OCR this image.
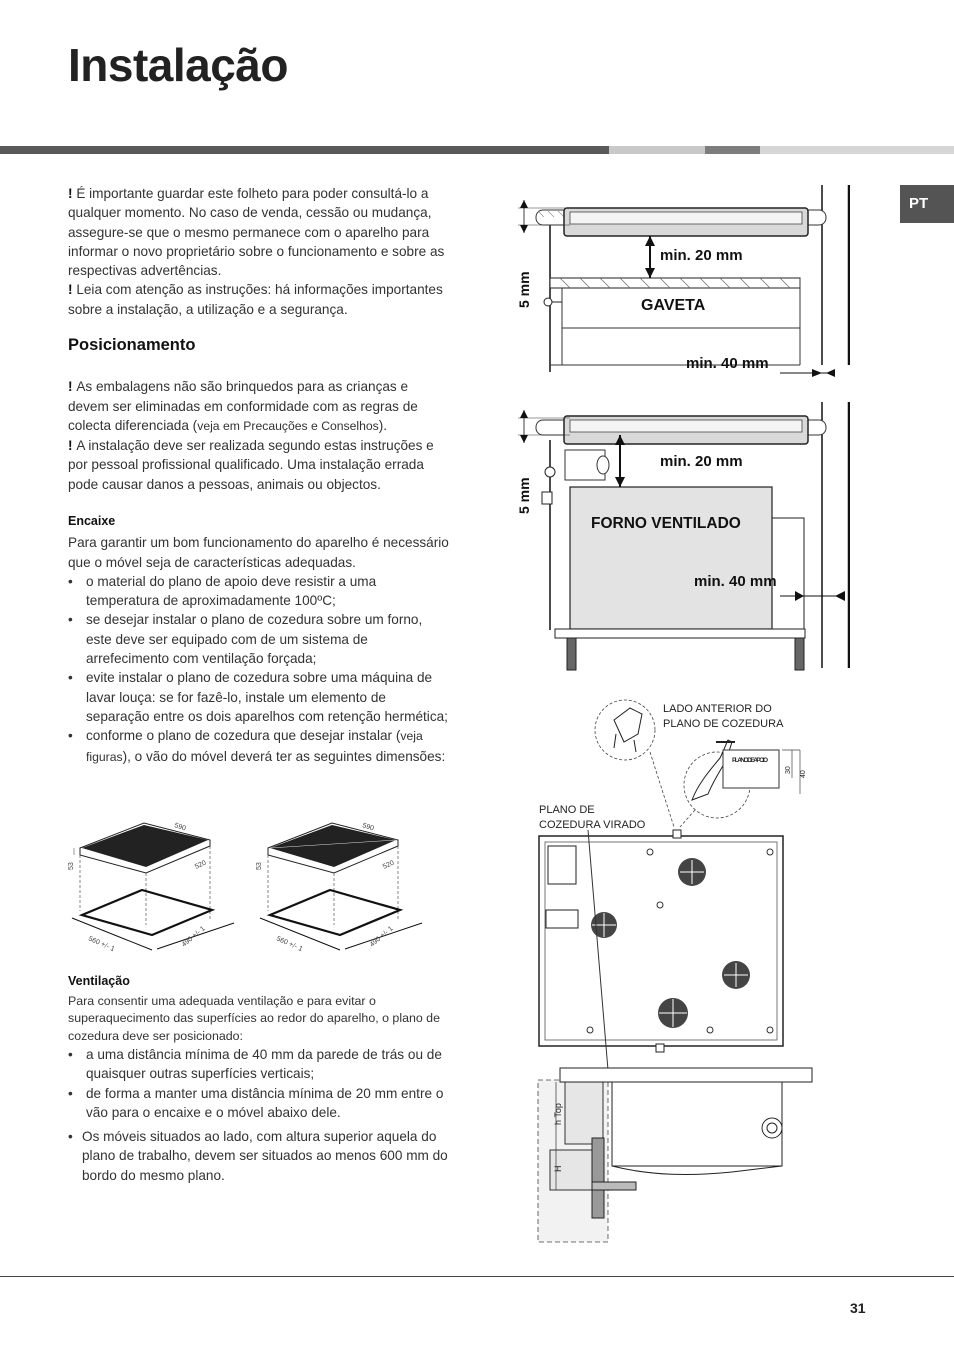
Instalação
PT

! É importante guardar este folheto para poder consultá-lo a qualquer momento. No caso de venda, cessão ou mudança, assegure-se que o mesmo permanece com o aparelho para informar o novo proprietário sobre o funcionamento e sobre as respectivas advertências.

! Leia com atenção as instruções: há informações importantes sobre a instalação, a utilização e a segurança.

Posicionamento

! As embalagens não são brinquedos para as crianças e devem ser eliminadas em conformidade com as regras de colecta diferenciada (veja em Precauções e Conselhos).

! A instalação deve ser realizada segundo estas instruções e por pessoal profissional qualificado. Uma instalação errada pode causar danos a pessoas, animais ou objectos.

Encaixe

Para garantir um bom funcionamento do aparelho é necessário que o móvel seja de características adequadas.

• o material do plano de apoio deve resistir a uma temperatura de aproximadamente 100ºC;
• se desejar instalar o plano de cozedura sobre um forno, este deve ser equipado com de um sistema de arrefecimento com ventilação forçada;
• evite instalar o plano de cozedura sobre uma máquina de lavar louça: se for fazê-lo, instale um elemento de separação entre os dois aparelhos com retenção hermética;
• conforme o plano de cozedura que desejar instalar (veja figuras), o vão do móvel deverá ter as seguintes dimensões:
53
590
520
560 +/- 1	490 +/- 1
53
590
520
560 +/- 1	490 +/- 1
Ventilação

Para consentir uma adequada ventilação e para evitar o superaquecimento das superfícies ao redor do aparelho, o plano de cozedura deve ser posicionado:

• a uma distância mínima de 40 mm da parede de trás ou de quaisquer outras superfícies verticais;
• de forma a manter uma distância mínima de 20 mm entre o vão para o encaixe e o móvel abaixo dele.
• Os móveis situados ao lado, com altura superior aquela do plano de trabalho, devem ser situados ao menos 600 mm do bordo do mesmo plano.
5 mm
min. 20 mm
GAVETA
min. 40 mm
5 mm
min. 20 mm
FORNO VENTILADO
min. 40 mm
PLANO DE APOIO
30
40
LADO ANTERIOR DO
PLANO DE COZEDURA
PLANO DE
COZEDURA VIRADO
h Top
H
31
